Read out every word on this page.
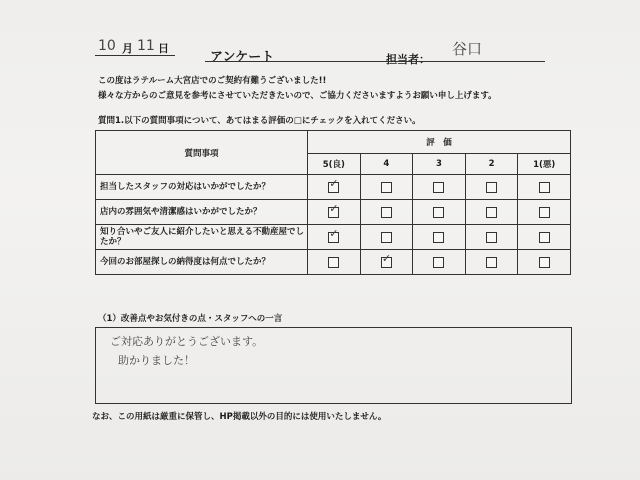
10 月 11 日
アンケート	担当者：
谷口
この度はラテルーム大宮店でのご契約有難うございました!!
様々な方からのご意見を参考にさせていただきたいので、ご協力くださいますようお願い申し上げます。
質問1.以下の質問事項について、あてはまる評価の□にチェックを入れてください。
質問事項	評　価				
	5(良)	4	3	2	1(悪)
担当したスタッフの対応はいかがでしたか？	✓				

店内の雰囲気や清潔感はいかがでしたか？	✓				

知り合いやご友人に紹介したいと思える不動産屋でしたか？	✓				

今回のお部屋探しの納得度は何点でしたか？		✓			

（1）改善点やお気付きの点・スタッフへの一言
ご対応ありがとうございます。
助かりました！
なお、この用紙は厳重に保管し、HP掲載以外の目的には使用いたしません。
